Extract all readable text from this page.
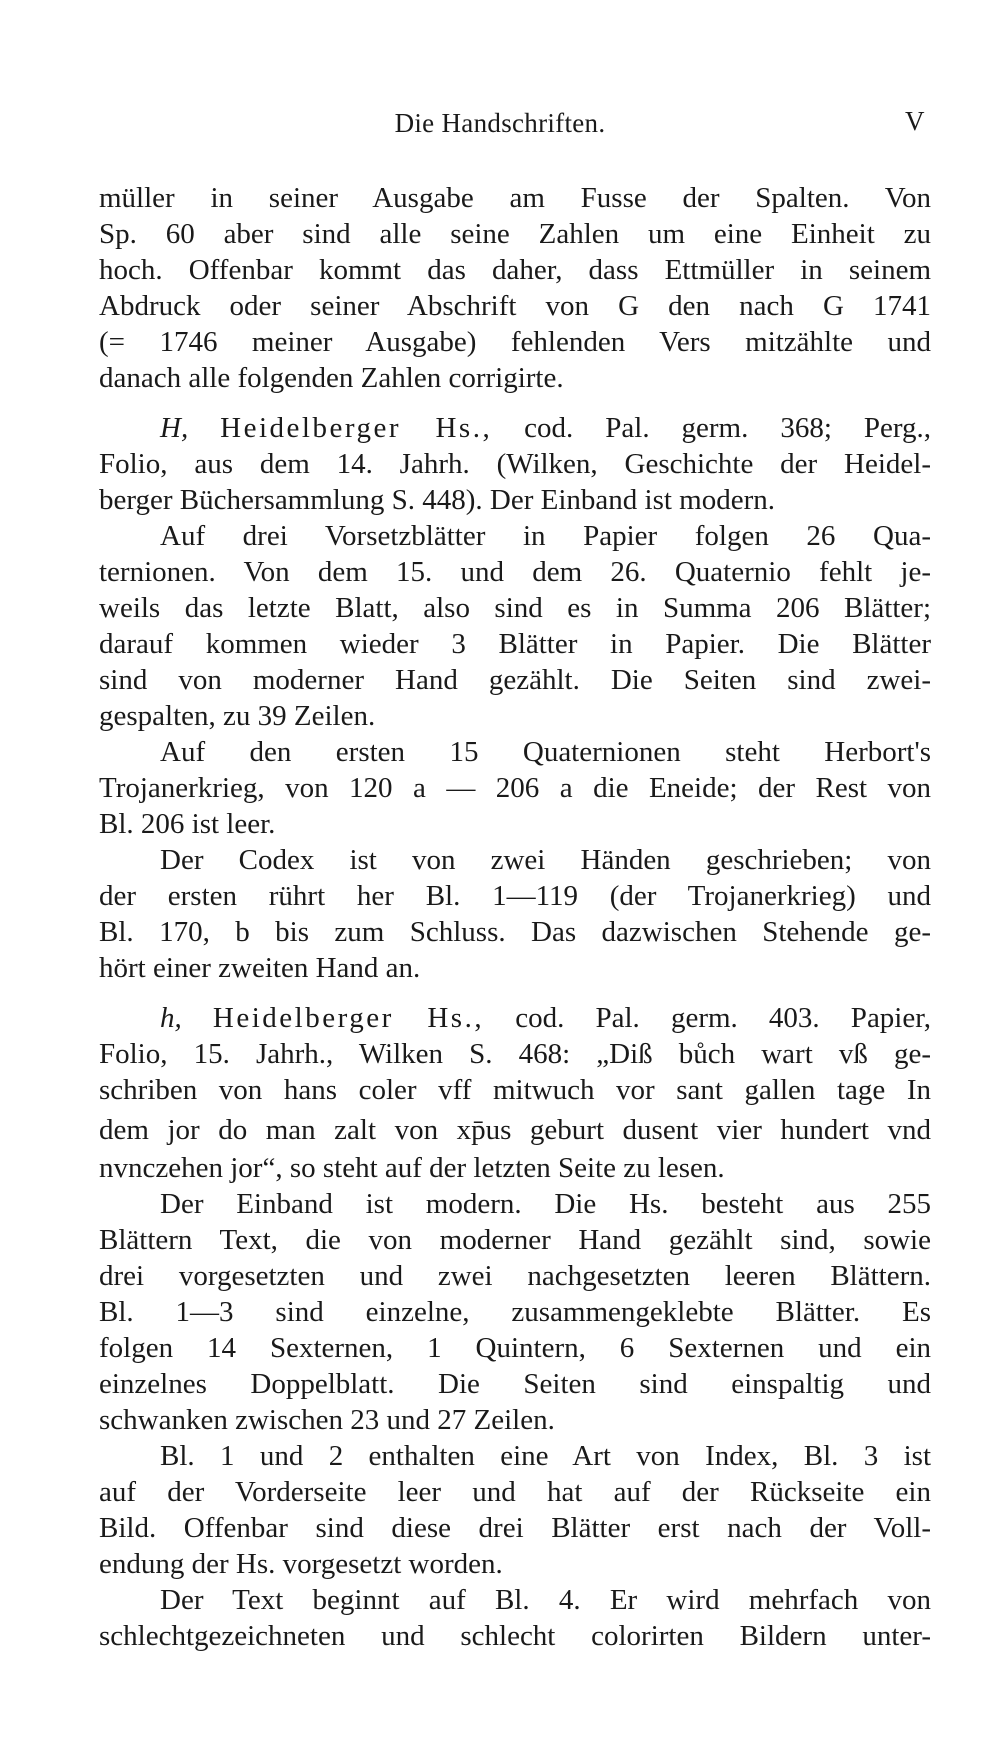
Die Handschriften.	V
müller in seiner Ausgabe am Fusse der Spalten. Von
Sp. 60 aber sind alle seine Zahlen um eine Einheit zu
hoch. Offenbar kommt das daher, dass Ettmüller in seinem
Abdruck oder seiner Abschrift von G den nach G 1741
(= 1746 meiner Ausgabe) fehlenden Vers mitzählte und
danach alle folgenden Zahlen corrigirte.
H, Heidelberger Hs., cod. Pal. germ. 368; Perg.,
Folio, aus dem 14. Jahrh. (Wilken, Geschichte der Heidel-
berger Büchersammlung S. 448). Der Einband ist modern.
Auf drei Vorsetzblätter in Papier folgen 26 Qua-
ternionen. Von dem 15. und dem 26. Quaternio fehlt je-
weils das letzte Blatt, also sind es in Summa 206 Blätter;
darauf kommen wieder 3 Blätter in Papier. Die Blätter
sind von moderner Hand gezählt. Die Seiten sind zwei-
gespalten, zu 39 Zeilen.
Auf den ersten 15 Quaternionen steht Herbort's
Trojanerkrieg, von 120 a — 206 a die Eneide; der Rest von
Bl. 206 ist leer.
Der Codex ist von zwei Händen geschrieben; von
der ersten rührt her Bl. 1—119 (der Trojanerkrieg) und
Bl. 170, b bis zum Schluss. Das dazwischen Stehende ge-
hört einer zweiten Hand an.
h, Heidelberger Hs., cod. Pal. germ. 403. Papier,
Folio, 15. Jahrh., Wilken S. 468: „Diß bůch wart vß ge-
schriben von hans coler vff mitwuch vor sant gallen tage In
dem jor do man zalt von xp̄us geburt dusent vier hundert vnd
nvnczehen jor“, so steht auf der letzten Seite zu lesen.
Der Einband ist modern. Die Hs. besteht aus 255
Blättern Text, die von moderner Hand gezählt sind, sowie
drei vorgesetzten und zwei nachgesetzten leeren Blättern.
Bl. 1—3 sind einzelne, zusammengeklebte Blätter. Es
folgen 14 Sexternen, 1 Quintern, 6 Sexternen und ein
einzelnes Doppelblatt. Die Seiten sind einspaltig und
schwanken zwischen 23 und 27 Zeilen.
Bl. 1 und 2 enthalten eine Art von Index, Bl. 3 ist
auf der Vorderseite leer und hat auf der Rückseite ein
Bild. Offenbar sind diese drei Blätter erst nach der Voll-
endung der Hs. vorgesetzt worden.
Der Text beginnt auf Bl. 4. Er wird mehrfach von
schlechtgezeichneten und schlecht colorirten Bildern unter-
